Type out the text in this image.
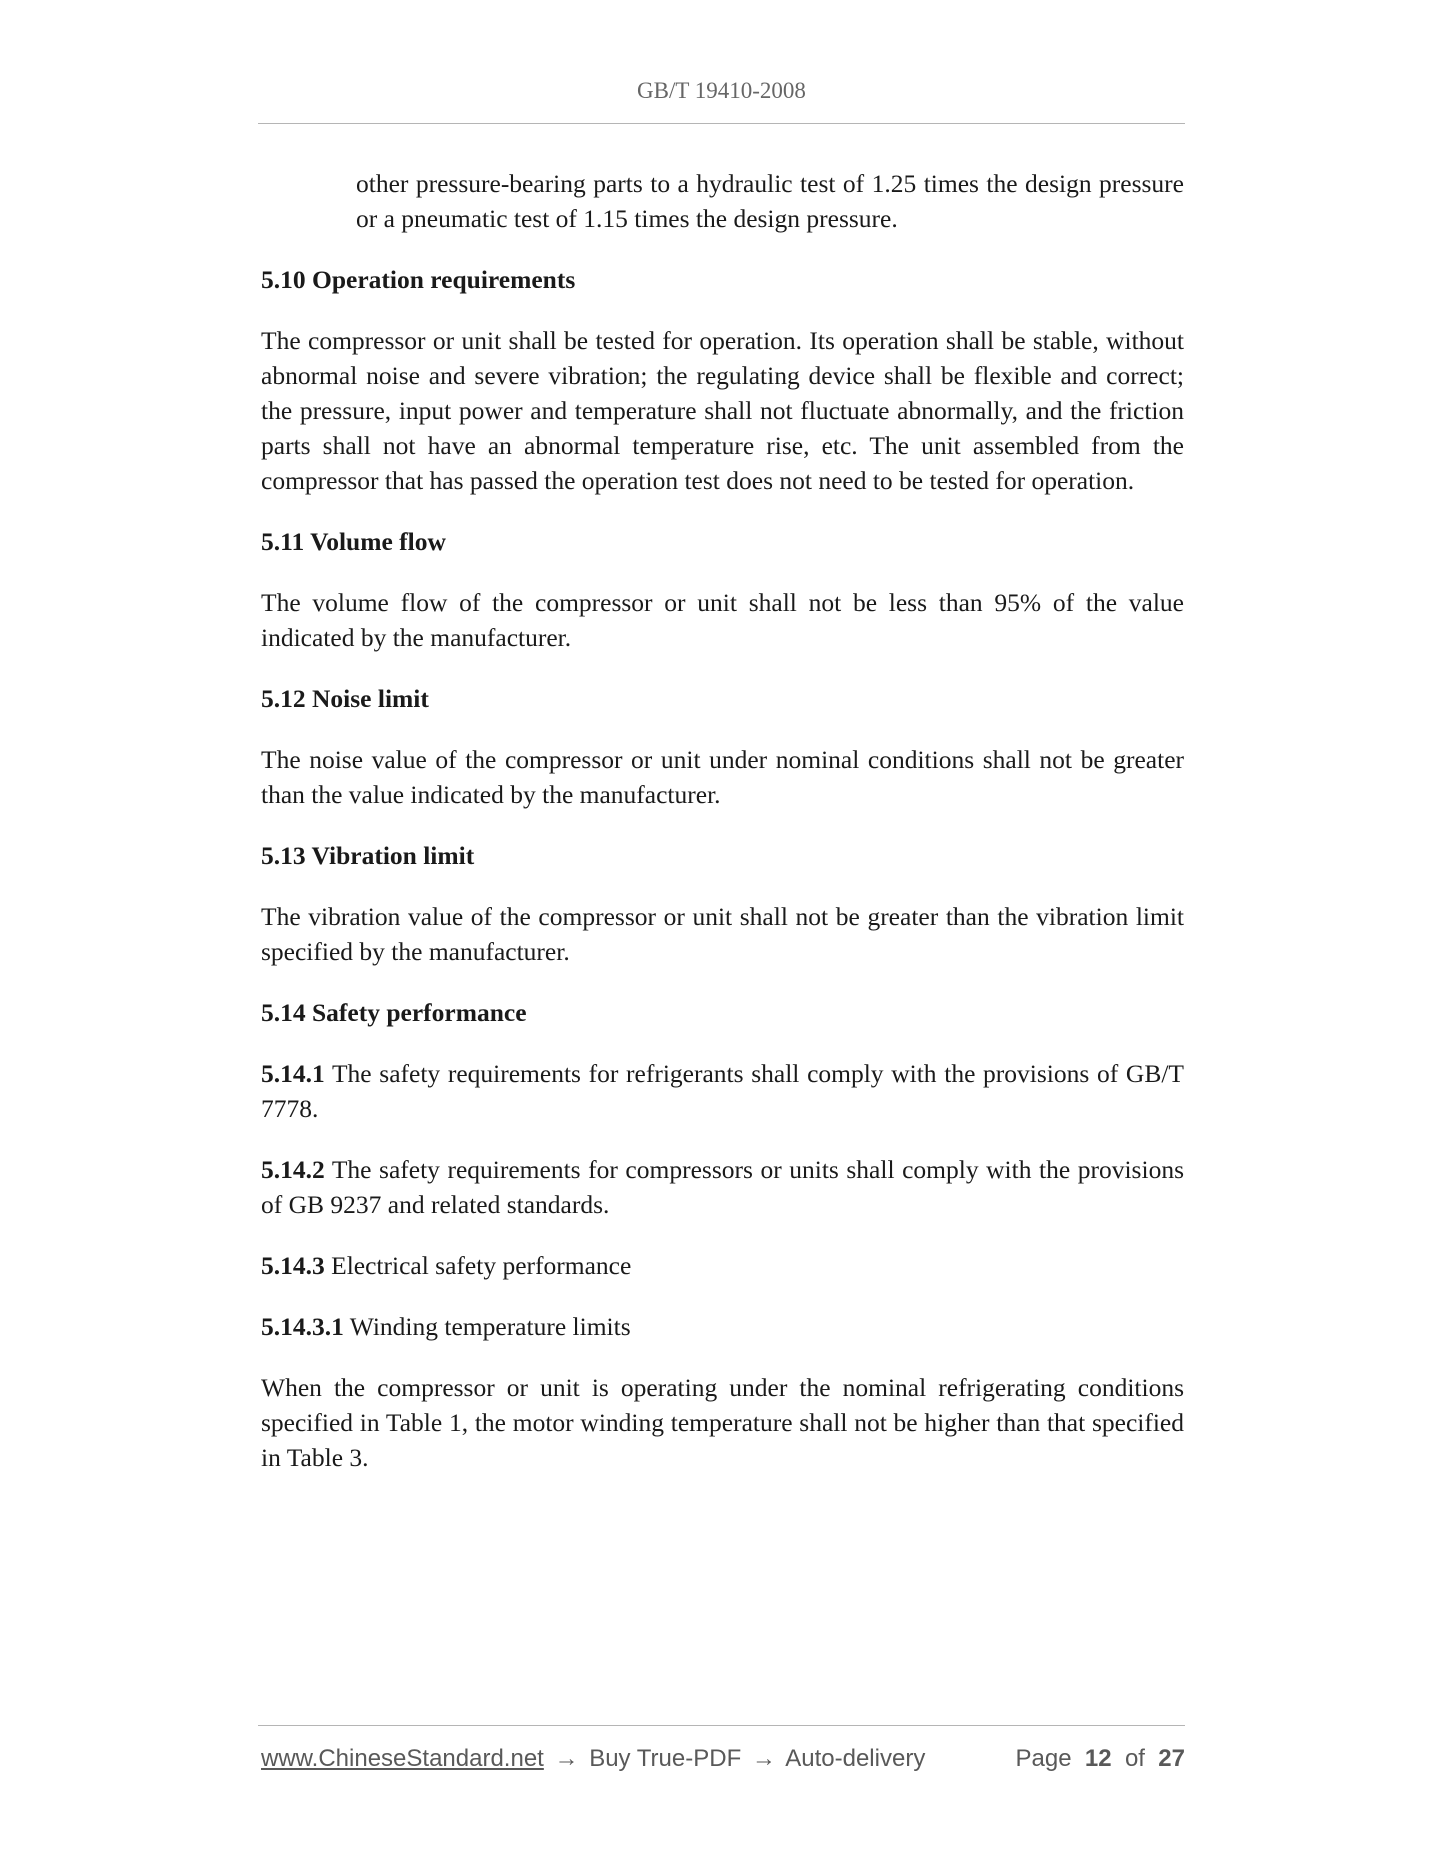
GB/T 19410-2008

other pressure-bearing parts to a hydraulic test of 1.25 times the design pressure or a pneumatic test of 1.15 times the design pressure.

5.10 Operation requirements

The compressor or unit shall be tested for operation. Its operation shall be stable, without abnormal noise and severe vibration; the regulating device shall be flexible and correct; the pressure, input power and temperature shall not fluctuate abnormally, and the friction parts shall not have an abnormal temperature rise, etc. The unit assembled from the compressor that has passed the operation test does not need to be tested for operation.

5.11 Volume flow

The volume flow of the compressor or unit shall not be less than 95% of the value indicated by the manufacturer.

5.12 Noise limit

The noise value of the compressor or unit under nominal conditions shall not be greater than the value indicated by the manufacturer.

5.13 Vibration limit

The vibration value of the compressor or unit shall not be greater than the vibration limit specified by the manufacturer.

5.14 Safety performance

5.14.1 The safety requirements for refrigerants shall comply with the provisions of GB/T 7778.

5.14.2 The safety requirements for compressors or units shall comply with the provisions of GB 9237 and related standards.

5.14.3 Electrical safety performance

5.14.3.1 Winding temperature limits

When the compressor or unit is operating under the nominal refrigerating conditions specified in Table 1, the motor winding temperature shall not be higher than that specified in Table 3.

www.ChineseStandard.net → Buy True-PDF → Auto-delivery	Page 12 of 27
